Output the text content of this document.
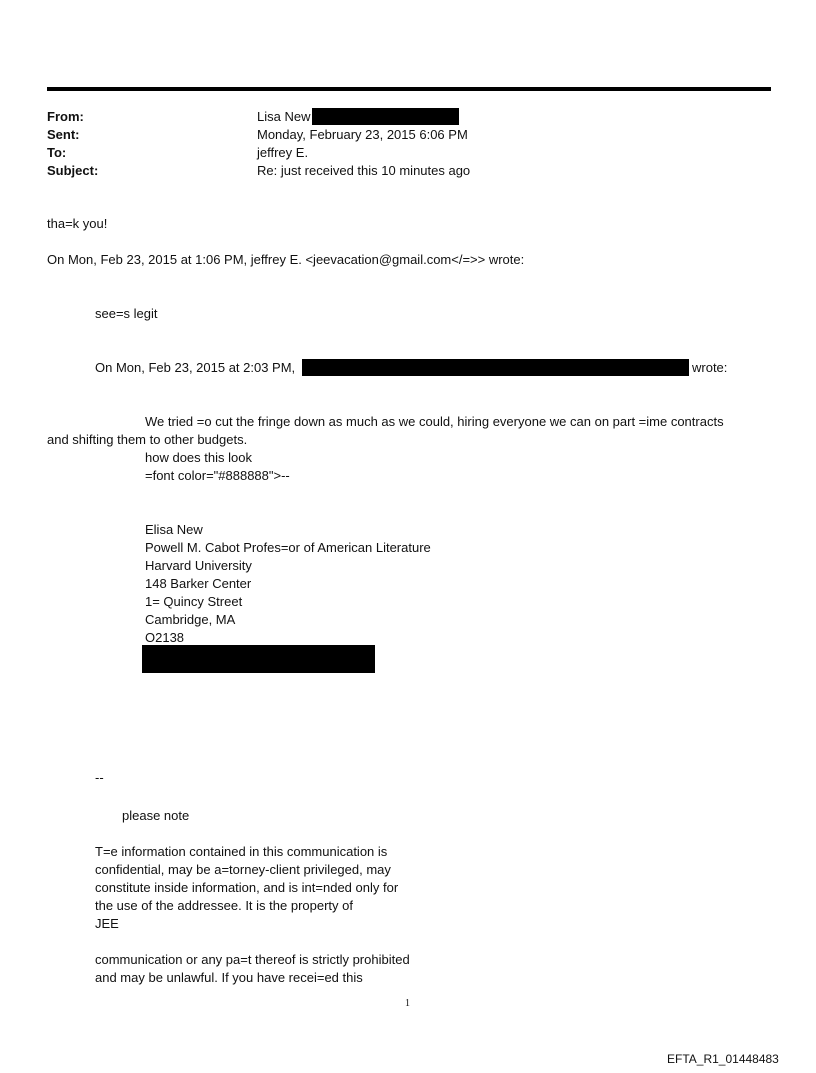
From:	Lisa New
Sent:	Monday, February 23, 2015 6:06 PM
To:	jeffrey E.
Subject:	Re: just received this 10 minutes ago
tha=k you!
On Mon, Feb 23, 2015 at 1:06 PM, jeffrey E. <jeevacation@gmail.com</=>> wrote:
see=s legit
On Mon, Feb 23, 2015 at 2:03 PM,	wrote:
We tried =o cut the fringe down as much as we could, hiring everyone we can on part =ime contracts
and shifting them to other budgets.
how does this look
=font color="#888888">--
Elisa New
Powell M. Cabot Profes=or of American Literature
Harvard University
148 Barker Center
1= Quincy Street
Cambridge, MA
O2138
--
please note
T=e information contained in this communication is
confidential, may be a=torney-client privileged, may
constitute inside information, and is int=nded only for
the use of the addressee. It is the property of
JEE
communication or any pa=t thereof is strictly prohibited
and may be unlawful. If you have recei=ed this
1
EFTA_R1_01448483
